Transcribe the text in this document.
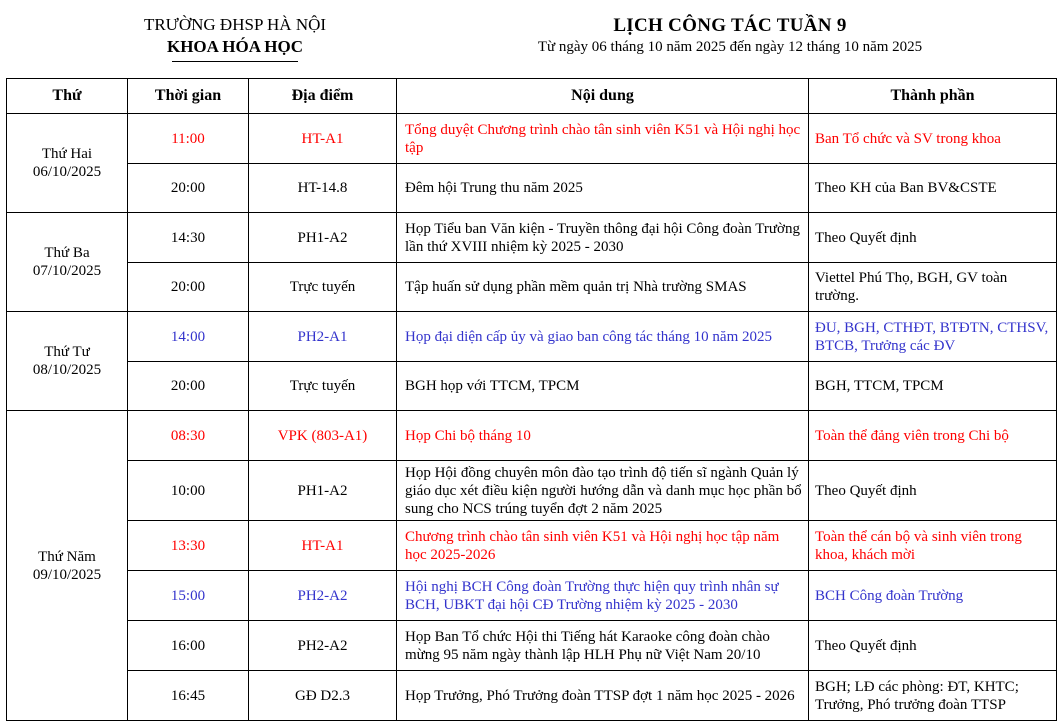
TRƯỜNG ĐHSP HÀ NỘI
KHOA HÓA HỌC
LỊCH CÔNG TÁC TUẦN 9
Từ ngày 06 tháng 10 năm 2025 đến ngày 12 tháng 10 năm 2025
Thứ	Thời gian	Địa điểm	Nội dung	Thành phần

Thứ Hai
06/10/2025	11:00	HT-A1	Tổng duyệt Chương trình chào tân sinh viên K51 và Hội nghị học tập	Ban Tổ chức và SV trong khoa
	20:00	HT-14.8	Đêm hội Trung thu năm 2025	Theo KH của Ban BV&CSTE

Thứ Ba
07/10/2025	14:30	PH1-A2	Họp Tiểu ban Văn kiện - Truyền thông đại hội Công đoàn Trường lần thứ XVIII nhiệm kỳ 2025 - 2030	Theo Quyết định
	20:00	Trực tuyến	Tập huấn sử dụng phần mềm quản trị Nhà trường SMAS	Viettel Phú Thọ, BGH, GV toàn trường.

Thứ Tư
08/10/2025	14:00	PH2-A1	Họp đại diện cấp ủy và giao ban công tác tháng 10 năm 2025	ĐU, BGH, CTHĐT, BTĐTN, CTHSV, BTCB, Trưởng các ĐV
	20:00	Trực tuyến	BGH họp với TTCM, TPCM	BGH, TTCM, TPCM

Thứ Năm
09/10/2025	08:30	VPK (803-A1)	Họp Chi bộ tháng 10	Toàn thể đảng viên trong Chi bộ
	10:00	PH1-A2	Họp Hội đồng chuyên môn đào tạo trình độ tiến sĩ ngành Quản lý giáo dục xét điều kiện người hướng dẫn và danh mục học phần bổ sung cho NCS trúng tuyển đợt 2 năm 2025	Theo Quyết định
	13:30	HT-A1	Chương trình chào tân sinh viên K51 và Hội nghị học tập năm học 2025-2026	Toàn thể cán bộ và sinh viên trong khoa, khách mời
	15:00	PH2-A2	Hội nghị BCH Công đoàn Trường thực hiện quy trình nhân sự BCH, UBKT đại hội CĐ Trường nhiệm kỳ 2025 - 2030	BCH Công đoàn Trường
	16:00	PH2-A2	Họp Ban Tổ chức Hội thi Tiếng hát Karaoke công đoàn chào mừng 95 năm ngày thành lập HLH Phụ nữ Việt Nam 20/10	Theo Quyết định
	16:45	GĐ D2.3	Họp Trưởng, Phó Trưởng đoàn TTSP đợt 1 năm học 2025 - 2026	BGH; LĐ các phòng: ĐT, KHTC; Trưởng, Phó trưởng đoàn TTSP
